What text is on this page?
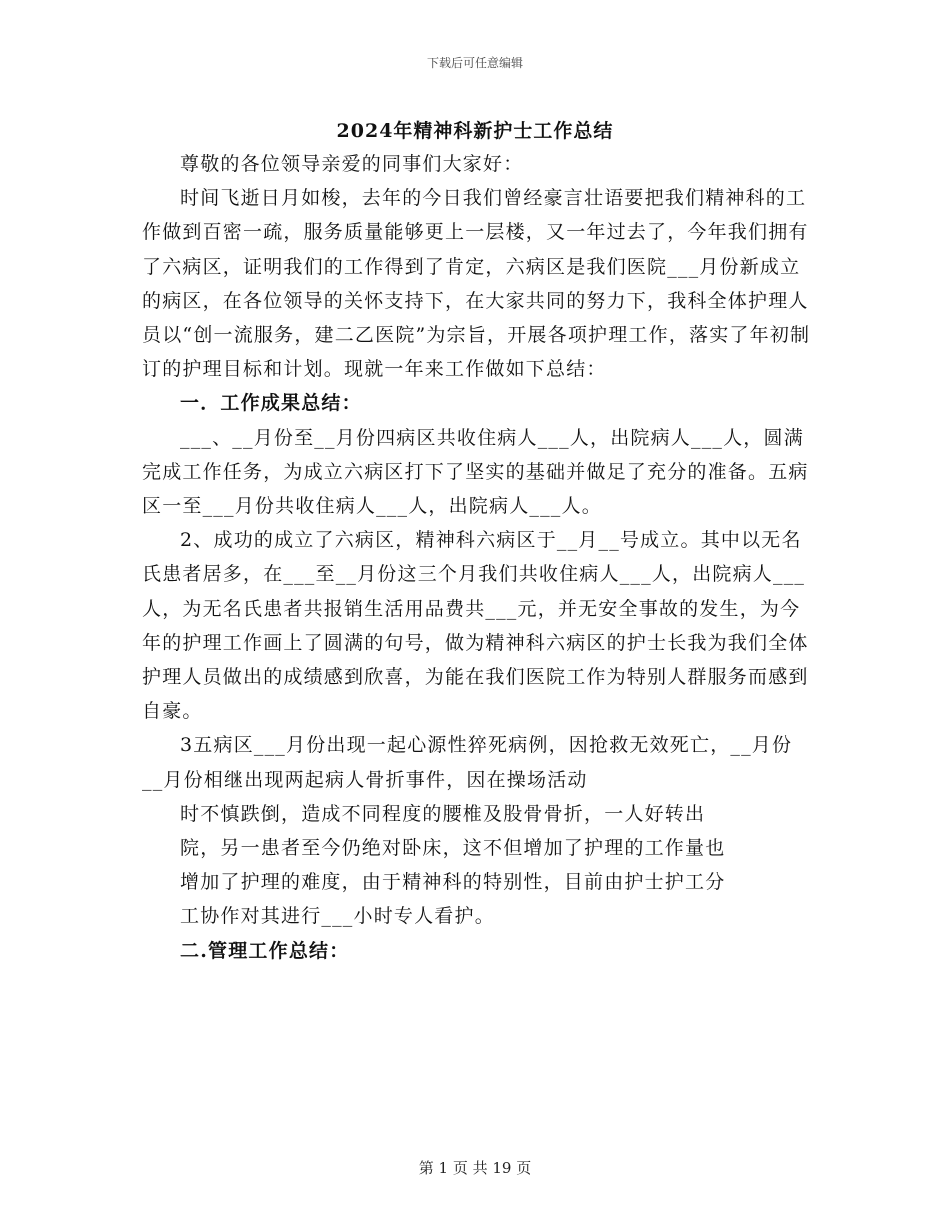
下载后可任意编辑
2024年精神科新护士工作总结

尊敬的各位领导亲爱的同事们大家好：

时间飞逝日月如梭，去年的今日我们曾经豪言壮语要把我们精神科的工作做到百密一疏，服务质量能够更上一层楼，又一年过去了，今年我们拥有了六病区，证明我们的工作得到了肯定，六病区是我们医院___月份新成立的病区，在各位领导的关怀支持下，在大家共同的努力下，我科全体护理人员以“创一流服务，建二乙医院”为宗旨，开展各项护理工作，落实了年初制订的护理目标和计划。现就一年来工作做如下总结：

一．工作成果总结：

___、__月份至__月份四病区共收住病人___人，出院病人___人，圆满完成工作任务，为成立六病区打下了坚实的基础并做足了充分的准备。五病区一至___月份共收住病人___人，出院病人___人。

2、成功的成立了六病区，精神科六病区于__月__号成立。其中以无名氏患者居多，在___至__月份这三个月我们共收住病人___人，出院病人___人，为无名氏患者共报销生活用品费共___元，并无安全事故的发生，为今年的护理工作画上了圆满的句号，做为精神科六病区的护士长我为我们全体护理人员做出的成绩感到欣喜，为能在我们医院工作为特别人群服务而感到自豪。

3五病区___月份出现一起心源性猝死病例，因抢救无效死亡，__月份__月份相继出现两起病人骨折事件，因在操场活动

时不慎跌倒，造成不同程度的腰椎及股骨骨折，一人好转出院，另一患者至今仍绝对卧床，这不但增加了护理的工作量也增加了护理的难度，由于精神科的特别性，目前由护士护工分工协作对其进行___小时专人看护。

二.管理工作总结：

第 1 页 共 19 页
